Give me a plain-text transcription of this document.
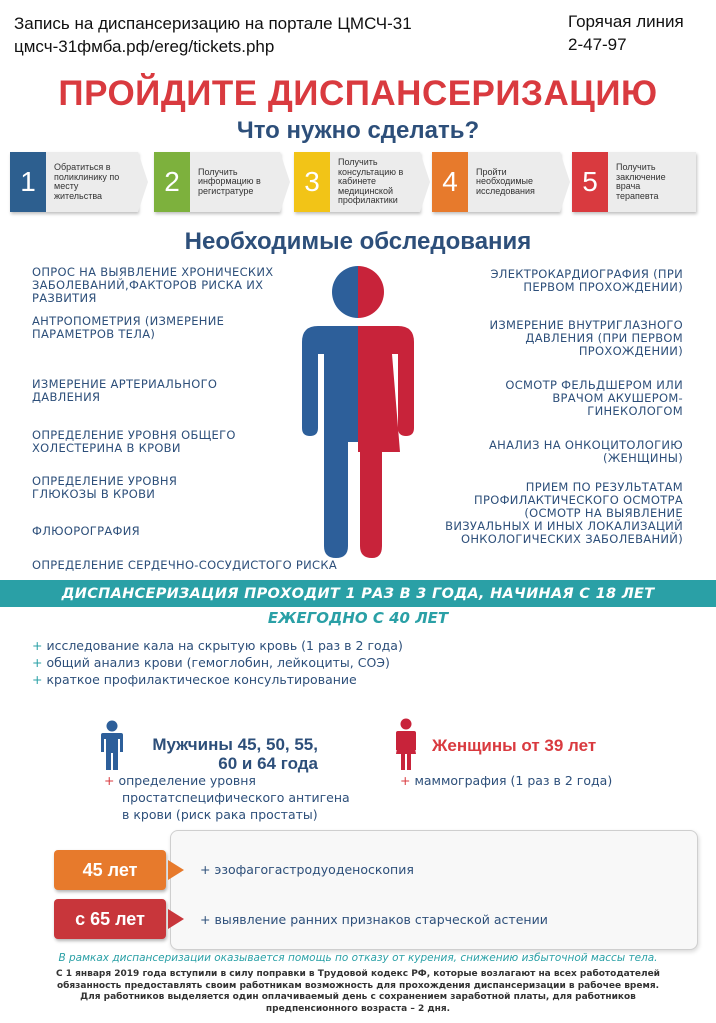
Запись на диспансеризацию на портале ЦМСЧ-31
цмсч-31фмба.рф/ereg/tickets.php
Горячая линия
2-47-97
ПРОЙДИТЕ ДИСПАНСЕРИЗАЦИЮ
Что нужно сделать?
1	Обратиться в поликлинику по месту жительства	2	Получить информацию в регистратуре	3
Получить консультацию в кабинете медицинской профилактики
4	Пройти необходимые исследования	5	Получить заключение врача терапевта
Необходимые обследования
ОПРОС НА ВЫЯВЛЕНИЕ ХРОНИЧЕСКИХ ЗАБОЛЕВАНИЙ,ФАКТОРОВ РИСКА ИХ РАЗВИТИЯ
АНТРОПОМЕТРИЯ (ИЗМЕРЕНИЕ ПАРАМЕТРОВ ТЕЛА)
ИЗМЕРЕНИЕ АРТЕРИАЛЬНОГО ДАВЛЕНИЯ
ОПРЕДЕЛЕНИЕ УРОВНЯ ОБЩЕГО ХОЛЕСТЕРИНА В КРОВИ
ОПРЕДЕЛЕНИЕ УРОВНЯ ГЛЮКОЗЫ В КРОВИ
ФЛЮОРОГРАФИЯ
ОПРЕДЕЛЕНИЕ СЕРДЕЧНО-СОСУДИСТОГО РИСКА
ЭЛЕКТРОКАРДИОГРАФИЯ (ПРИ ПЕРВОМ ПРОХОЖДЕНИИ)
ИЗМЕРЕНИЕ ВНУТРИГЛАЗНОГО ДАВЛЕНИЯ (ПРИ ПЕРВОМ ПРОХОЖДЕНИИ)
ОСМОТР ФЕЛЬДШЕРОМ ИЛИ ВРАЧОМ АКУШЕРОМ-ГИНЕКОЛОГОМ
АНАЛИЗ НА ОНКОЦИТОЛОГИЮ (ЖЕНЩИНЫ)
ПРИЕМ ПО РЕЗУЛЬТАТАМ ПРОФИЛАКТИЧЕСКОГО ОСМОТРА (ОСМОТР НА ВЫЯВЛЕНИЕ ВИЗУАЛЬНЫХ И ИНЫХ ЛОКАЛИЗАЦИЙ ОНКОЛОГИЧЕСКИХ ЗАБОЛЕВАНИЙ)
ДИСПАНСЕРИЗАЦИЯ ПРОХОДИТ 1 РАЗ В 3 ГОДА, НАЧИНАЯ С 18 ЛЕТ
ЕЖЕГОДНО С 40 ЛЕТ
+ исследование кала на скрытую кровь (1 раз в 2 года)
+ общий анализ крови (гемоглобин, лейкоциты, СОЭ)
+ краткое профилактическое консультирование
Мужчины 45, 50, 55,
60 и 64 года
+ определение уровня
простатспецифического антигена
в крови (риск рака простаты)
Женщины от 39 лет
+ маммография (1 раз в 2 года)
45 лет	+ эзофагогастродуоденоскопия
с 65 лет	+ выявление ранних признаков старческой астении
В рамках диспансеризации оказывается помощь по отказу от курения, снижению избыточной массы тела.
С 1 января 2019 года вступили в силу поправки в Трудовой кодекс РФ, которые возлагают на всех работодателей
обязанность предоставлять своим работникам возможность для прохождения диспансеризации в рабочее время.
Для работников выделяется один оплачиваемый день с сохранением заработной платы, для работников
предпенсионного возраста – 2 дня.
